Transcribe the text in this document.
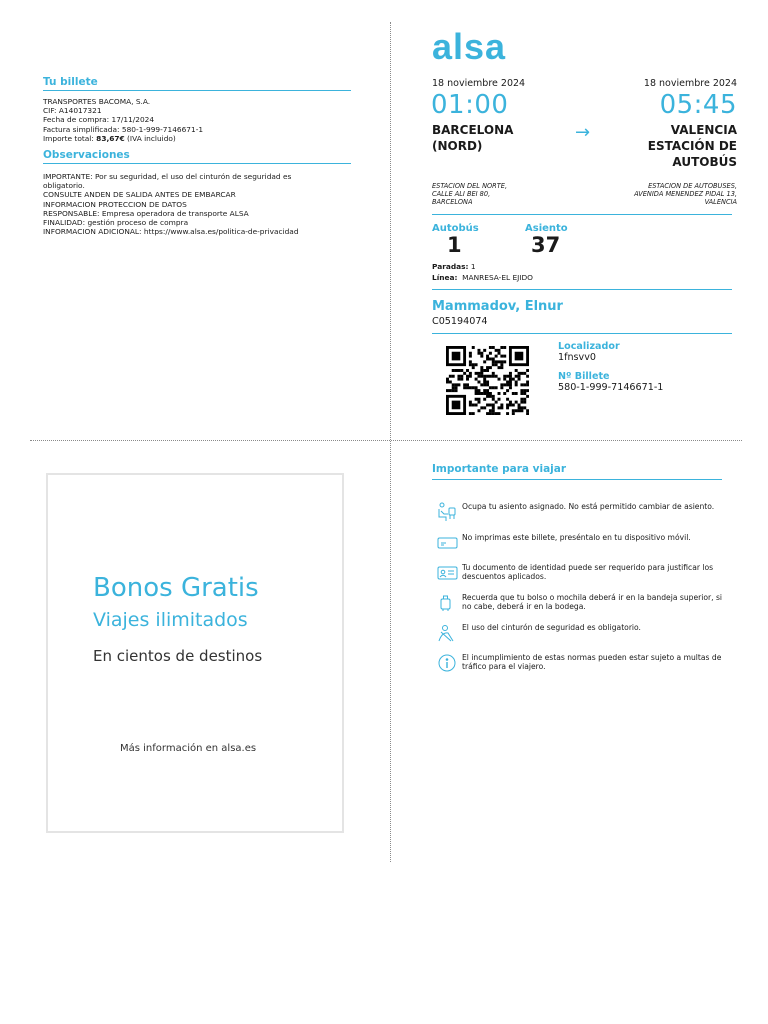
Tu billete
TRANSPORTES BACOMA, S.A.
CIF: A14017321
Fecha de compra: 17/11/2024
Factura simplificada: 580-1-999-7146671-1
Importe total: 83,67€ (IVA incluido)
Observaciones
IMPORTANTE: Por su seguridad, el uso del cinturón de seguridad es
obligatorio.
CONSULTE ANDEN DE SALIDA ANTES DE EMBARCAR
INFORMACION PROTECCION DE DATOS
RESPONSABLE: Empresa operadora de transporte ALSA
FINALIDAD: gestión proceso de compra
INFORMACION ADICIONAL: https://www.alsa.es/politica-de-privacidad
alsa
18 noviembre 2024	18 noviembre 2024
01:00	05:45
BARCELONA
(NORD)
→	VALENCIA
ESTACIÓN DE
AUTOBÚS
ESTACION DEL NORTE,
CALLE ALI BEI 80,
BARCELONA
ESTACION DE AUTOBUSES,
AVENIDA MENENDEZ PIDAL 13,
VALENCIA
Autobús
1
Asiento
37
Paradas: 1
Línea: MANRESA-EL EJIDO
Mammadov, Elnur
C05194074
Localizador
1fnsvv0
Nº Billete
580-1-999-7146671-1
Bonos Gratis
Viajes ilimitados
En cientos de destinos
Más información en alsa.es
Importante para viajar
Ocupa tu asiento asignado. No está permitido cambiar de asiento.
No imprimas este billete, preséntalo en tu dispositivo móvil.
Tu documento de identidad puede ser requerido para justificar los descuentos aplicados.
Recuerda que tu bolso o mochila deberá ir en la bandeja superior, si no cabe, deberá ir en la bodega.
El uso del cinturón de seguridad es obligatorio.
El incumplimiento de estas normas pueden estar sujeto a multas de tráfico para el viajero.
